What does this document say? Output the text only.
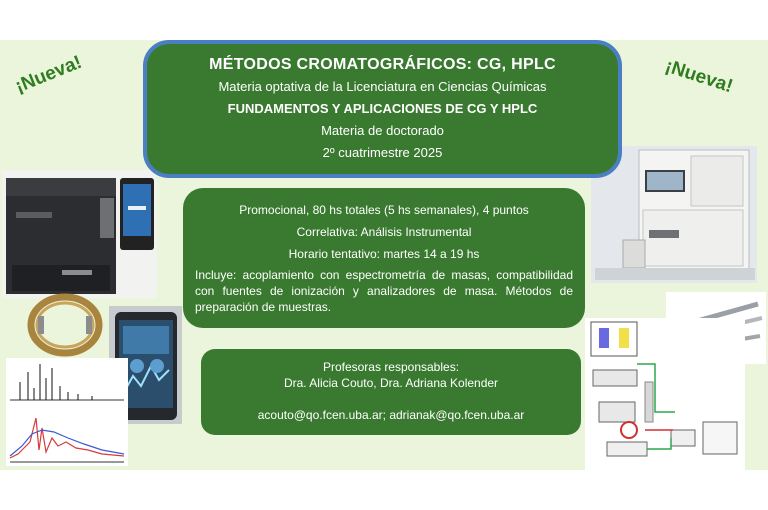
¡Nueva!	¡Nueva!
MÉTODOS CROMATOGRÁFICOS: CG, HPLC
Materia optativa de la Licenciatura en Ciencias Químicas
FUNDAMENTOS Y APLICACIONES DE CG Y HPLC
Materia de doctorado
2º cuatrimestre 2025
Promocional, 80 hs totales (5 hs semanales), 4 puntos
Correlativa: Análisis Instrumental
Horario tentativo: martes 14 a 19 hs
Incluye: acoplamiento con espectrometría de masas, compatibilidad con fuentes de ionización y analizadores de masa. Métodos de preparación de muestras.
Profesoras responsables:
Dra. Alicia Couto, Dra. Adriana Kolender
acouto@qo.fcen.uba.ar; adrianak@qo.fcen.uba.ar
